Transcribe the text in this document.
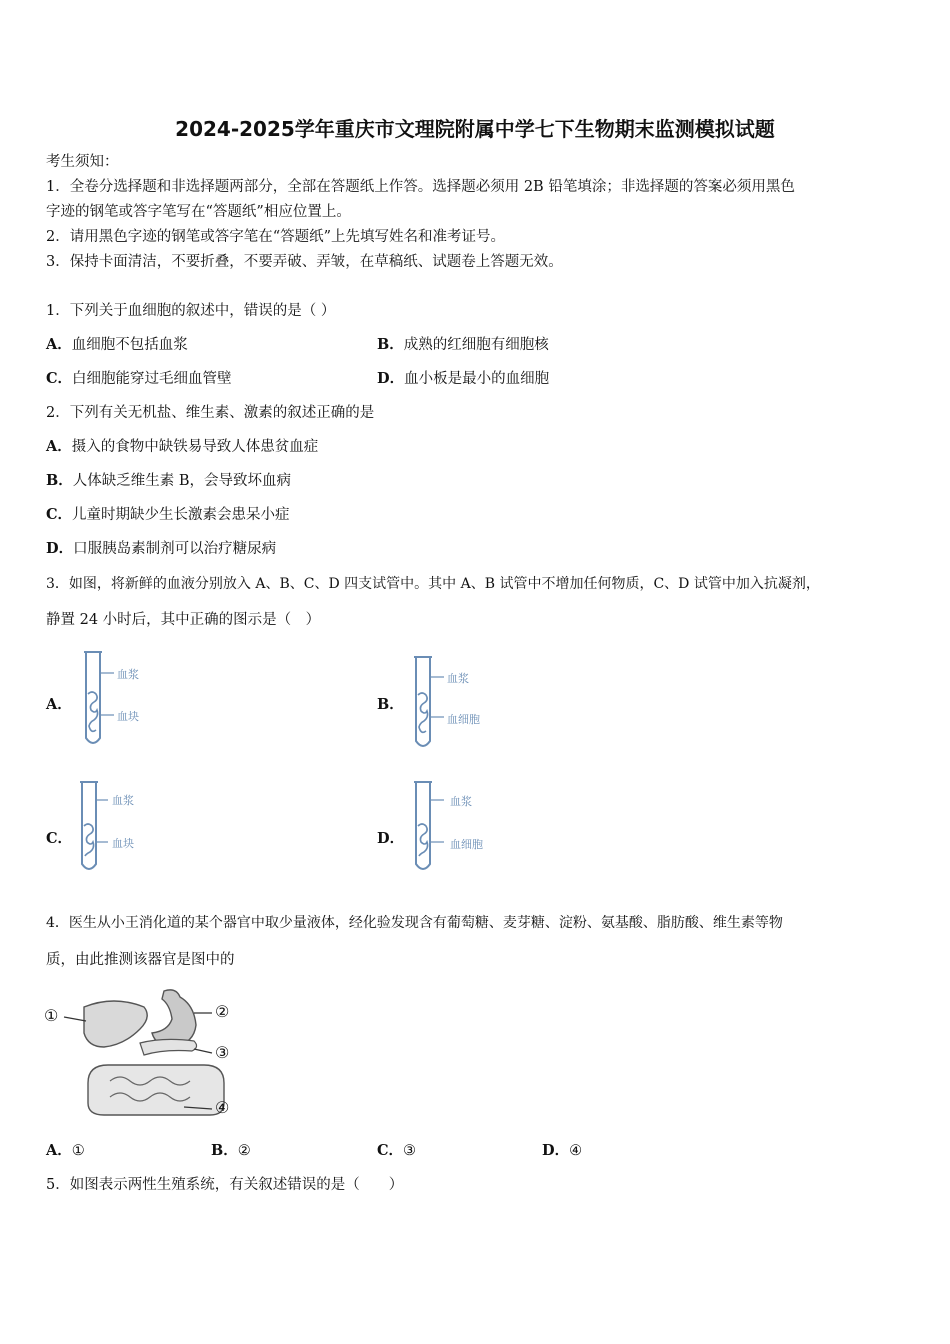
2024-2025学年重庆市文理院附属中学七下生物期末监测模拟试题
考生须知：
1．全卷分选择题和非选择题两部分，全部在答题纸上作答。选择题必须用 2B 铅笔填涂；非选择题的答案必须用黑色
字迹的钢笔或答字笔写在“答题纸”相应位置上。
2．请用黑色字迹的钢笔或答字笔在“答题纸”上先填写姓名和准考证号。
3．保持卡面清洁，不要折叠，不要弄破、弄皱，在草稿纸、试题卷上答题无效。
1．下列关于血细胞的叙述中，错误的是（ ）
A．血细胞不包括血浆	B．成熟的红细胞有细胞核
C．白细胞能穿过毛细血管壁	D．血小板是最小的血细胞
2．下列有关无机盐、维生素、激素的叙述正确的是
A．摄入的食物中缺铁易导致人体患贫血症
B．人体缺乏维生素 B，会导致坏血病
C．儿童时期缺少生长激素会患呆小症
D．口服胰岛素制剂可以治疗糖尿病
3．如图，将新鲜的血液分别放入 A、B、C、D 四支试管中。其中 A、B 试管中不增加任何物质，C、D 试管中加入抗凝剂，
静置 24 小时后，其中正确的图示是（　）
A．
血浆
血块
B．
血浆
血细胞
C．
血浆
血块	D．
血浆
血细胞
4．医生从小王消化道的某个器官中取少量液体，经化验发现含有葡萄糖、麦芽糖、淀粉、氨基酸、脂肪酸、维生素等物
质，由此推测该器官是图中的
①	②
③
④
A．①	B．②	C．③	D．④
5．如图表示两性生殖系统，有关叙述错误的是（　　）
